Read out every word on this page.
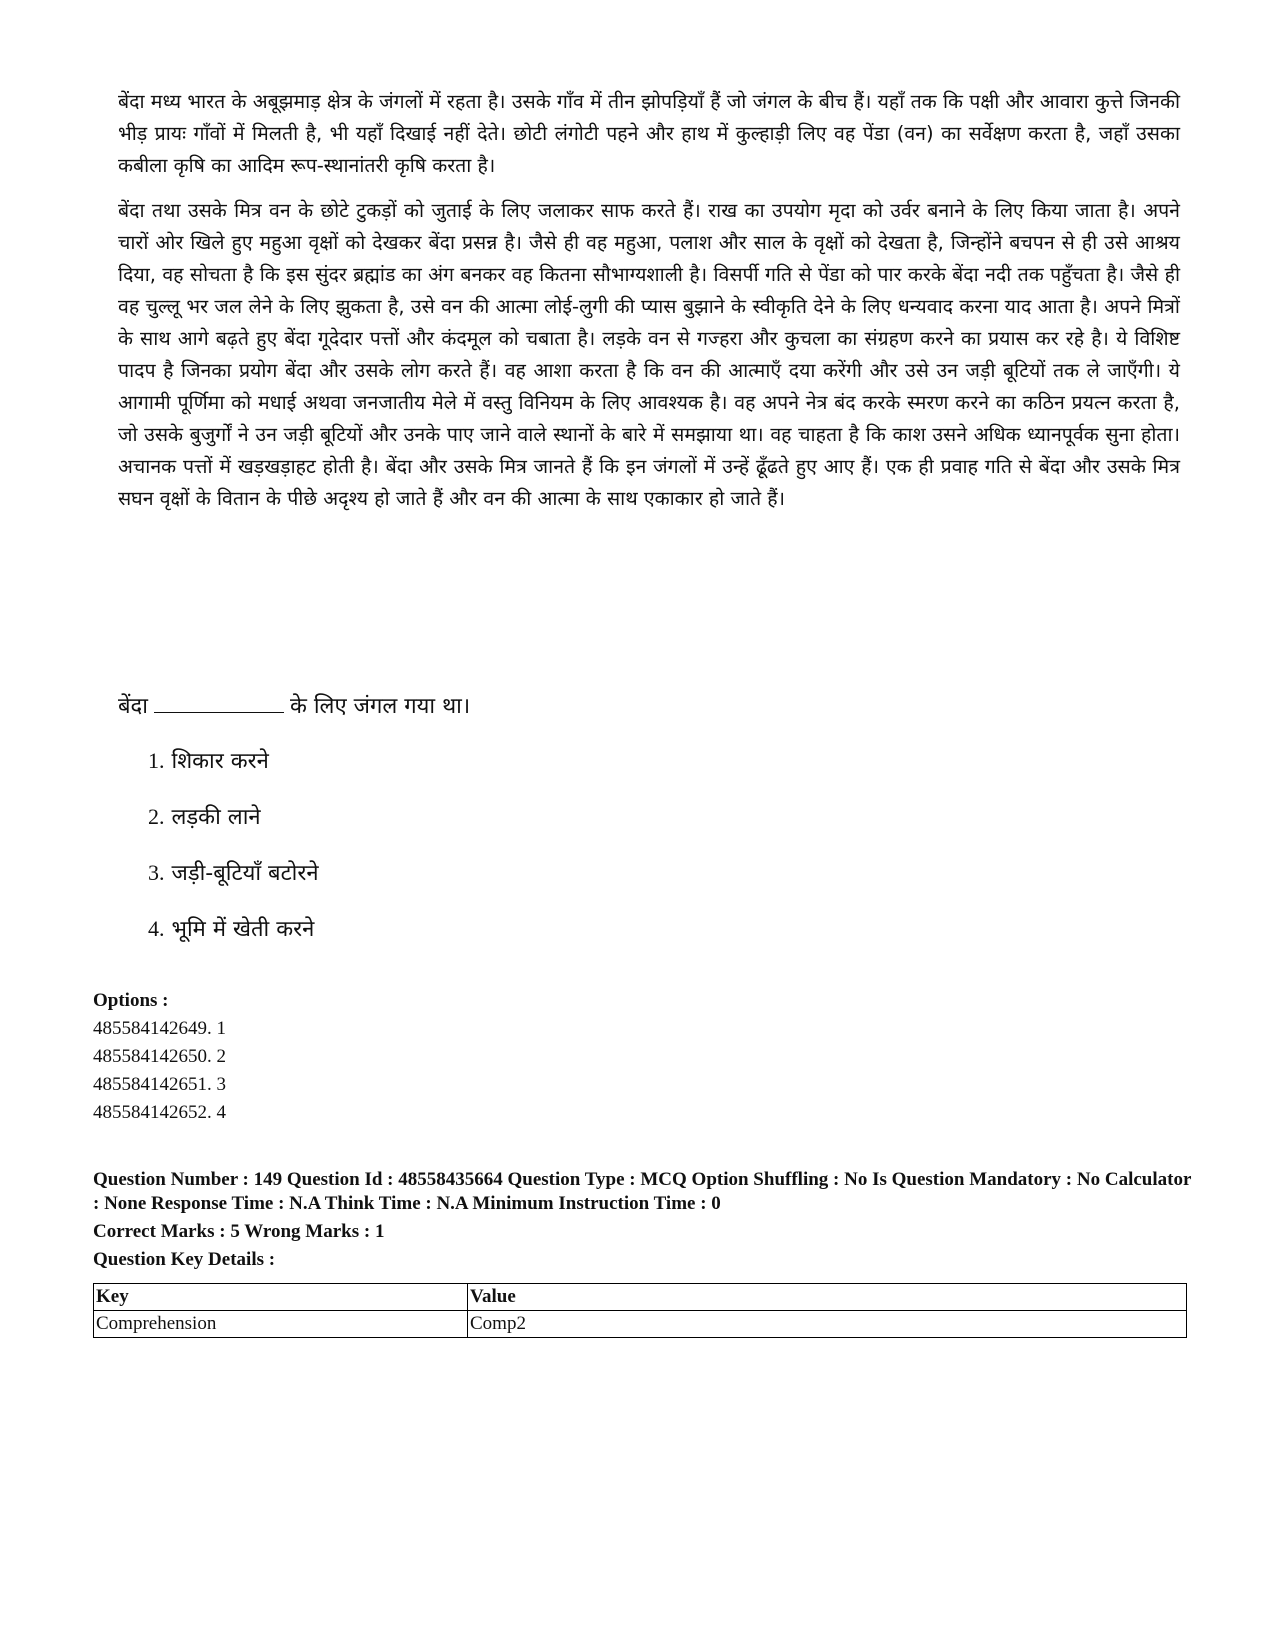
बेंदा मध्य भारत के अबूझमाड़ क्षेत्र के जंगलों में रहता है। उसके गाँव में तीन झोपड़ियाँ हैं जो जंगल के बीच हैं। यहाँ तक कि पक्षी और आवारा कुत्ते जिनकी भीड़ प्रायः गाँवों में मिलती है, भी यहाँ दिखाई नहीं देते। छोटी लंगोटी पहने और हाथ में कुल्हाड़ी लिए वह पेंडा (वन) का सर्वेक्षण करता है, जहाँ उसका कबीला कृषि का आदिम रूप-स्थानांतरी कृषि करता है।

बेंदा तथा उसके मित्र वन के छोटे टुकड़ों को जुताई के लिए जलाकर साफ करते हैं। राख का उपयोग मृदा को उर्वर बनाने के लिए किया जाता है। अपने चारों ओर खिले हुए महुआ वृक्षों को देखकर बेंदा प्रसन्न है। जैसे ही वह महुआ, पलाश और साल के वृक्षों को देखता है, जिन्होंने बचपन से ही उसे आश्रय दिया, वह सोचता है कि इस सुंदर ब्रह्मांड का अंग बनकर वह कितना सौभाग्यशाली है। विसर्पी गति से पेंडा को पार करके बेंदा नदी तक पहुँचता है। जैसे ही वह चुल्लू भर जल लेने के लिए झुकता है, उसे वन की आत्मा लोई-लुगी की प्यास बुझाने के स्वीकृति देने के लिए धन्यवाद करना याद आता है। अपने मित्रों के साथ आगे बढ़ते हुए बेंदा गूदेदार पत्तों और कंदमूल को चबाता है। लड़के वन से गज्हरा और कुचला का संग्रहण करने का प्रयास कर रहे है। ये विशिष्ट पादप है जिनका प्रयोग बेंदा और उसके लोग करते हैं। वह आशा करता है कि वन की आत्माएँ दया करेंगी और उसे उन जड़ी बूटियों तक ले जाएँगी। ये आगामी पूर्णिमा को मधाई अथवा जनजातीय मेले में वस्तु विनियम के लिए आवश्यक है। वह अपने नेत्र बंद करके स्मरण करने का कठिन प्रयत्न करता है, जो उसके बुजुर्गों ने उन जड़ी बूटियों और उनके पाए जाने वाले स्थानों के बारे में समझाया था। वह चाहता है कि काश उसने अधिक ध्यानपूर्वक सुना होता। अचानक पत्तों में खड़खड़ाहट होती है। बेंदा और उसके मित्र जानते हैं कि इन जंगलों में उन्हें ढूँढते हुए आए हैं। एक ही प्रवाह गति से बेंदा और उसके मित्र सघन वृक्षों के वितान के पीछे अदृश्य हो जाते हैं और वन की आत्मा के साथ एकाकार हो जाते हैं।

बेंदा	के लिए जंगल गया था।
1. शिकार करने
2. लड़की लाने
3. जड़ी-बूटियाँ बटोरने
4. भूमि में खेती करने
Options :
485584142649. 1
485584142650. 2
485584142651. 3
485584142652. 4
Question Number : 149 Question Id : 48558435664 Question Type : MCQ Option Shuffling : No Is Question Mandatory : No Calculator : None Response Time : N.A Think Time : N.A Minimum Instruction Time : 0
Correct Marks : 5 Wrong Marks : 1
Question Key Details :
Key	Value
Comprehension	Comp2
